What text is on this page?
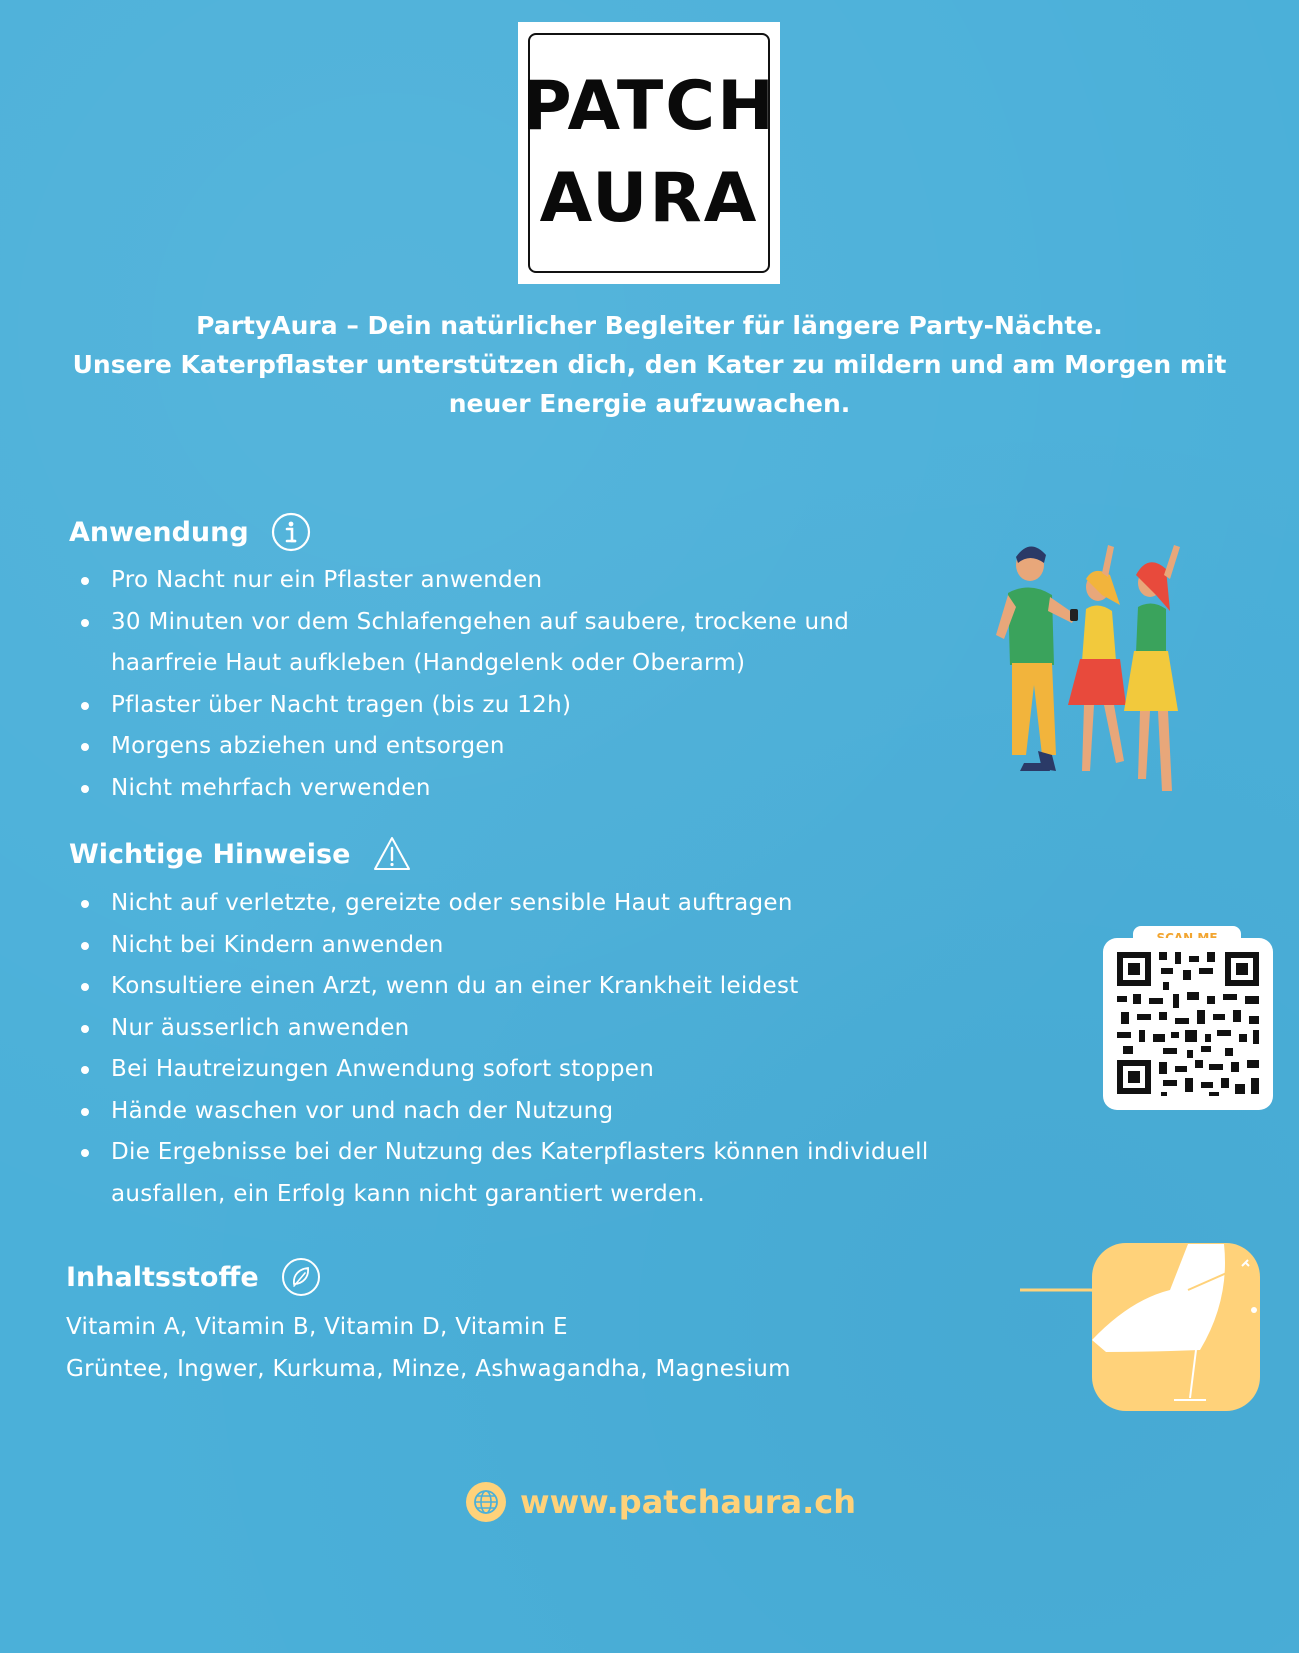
PATCH
AURA
PartyAura – Dein natürlicher Begleiter für längere Party-Nächte.
Unsere Katerpflaster unterstützen dich, den Kater zu mildern und am Morgen mit
neuer Energie aufzuwachen.
Anwendung
Pro Nacht nur ein Pflaster anwenden
30 Minuten vor dem Schlafengehen auf saubere, trockene und haarfreie Haut aufkleben (Handgelenk oder Oberarm)
Pflaster über Nacht tragen (bis zu 12h)
Morgens abziehen und entsorgen
Nicht mehrfach verwenden
Wichtige Hinweise
Nicht auf verletzte, gereizte oder sensible Haut auftragen
Nicht bei Kindern anwenden
Konsultiere einen Arzt, wenn du an einer Krankheit leidest
Nur äusserlich anwenden
Bei Hautreizungen Anwendung sofort stoppen
Hände waschen vor und nach der Nutzung
Die Ergebnisse bei der Nutzung des Katerpflasters können individuell ausfallen, ein Erfolg kann nicht garantiert werden.
Inhaltsstoffe
Vitamin A, Vitamin B, Vitamin D, Vitamin E
Grüntee, Ingwer, Kurkuma, Minze, Ashwagandha, Magnesium
www.patchaura.ch
